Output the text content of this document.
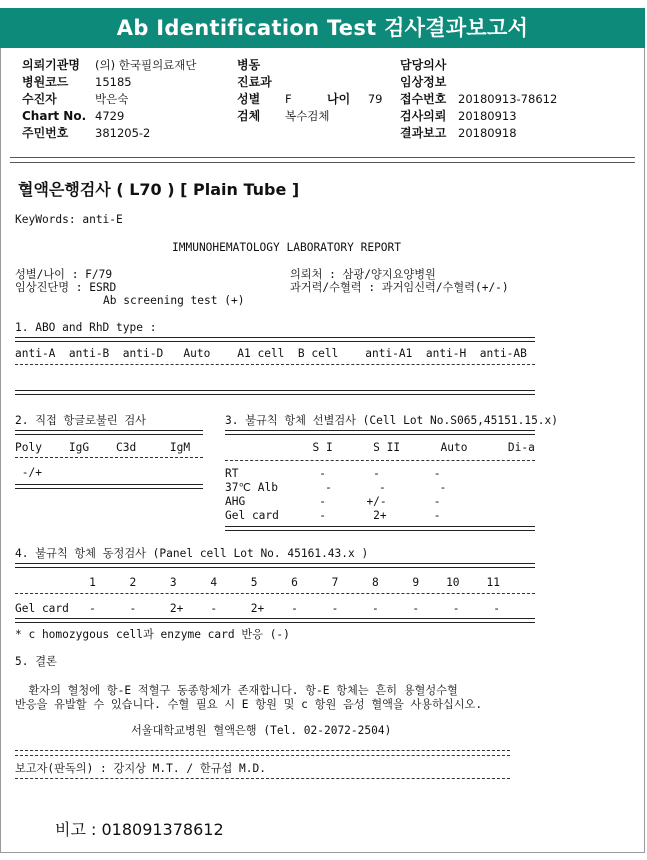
Ab Identification Test 검사결과보고서
의뢰기관명
병원코드
수진자
Chart No.
주민번호
(의) 한국필의료재단
15185
박은숙
4729
381205-2
병동
진료과
성별
검체
F
복수검체
나이 79
담당의사
임상정보
접수번호
검사의뢰
결과보고
20180913-78612
20180913
20180918
혈액은행검사 ( L70 ) [ Plain Tube ]
KeyWords: anti-E
IMMUNOHEMATOLOGY LABORATORY REPORT
성별/나이 : F/79
임상진단명 : ESRD
Ab screening test (+)
의뢰처 : 삼광/양지요양병원
과거력/수혈력 : 과거임신력/수혈력(+/-)
1. ABO and RhD type :
anti-A  anti-B  anti-D   Auto    A1 cell  B cell    anti-A1  anti-H  anti-AB
2. 직접 항글로불린 검사
Poly    IgG    C3d     IgM
-/+
3. 불규칙 항체 선별검사 (Cell Lot No.S065,45151.15.x)
S I      S II      Auto      Di-a
RT            -       -        -
37℃ Alb       -       -        -
AHG           -      +/-       -
Gel card      -       2+       -
4. 불규칙 항체 동정검사 (Panel cell Lot No. 45161.43.x )
1     2     3     4     5     6     7     8     9    10    11
Gel card   -     -     2+    -     2+    -     -     -     -     -     -
* c homozygous cell과 enzyme card 반응 (-)
5. 결론
환자의 혈청에 항-E 적혈구 동종항체가 존재합니다. 항-E 항체는 흔히 용혈성수혈
반응을 유발할 수 있습니다. 수혈 필요 시 E 항원 및 c 항원 음성 혈액을 사용하십시오.
서울대학교병원 혈액은행 (Tel. 02-2072-2504)
보고자(판독의) : 강지상 M.T. / 한규섭 M.D.
비고 : 018091378612
